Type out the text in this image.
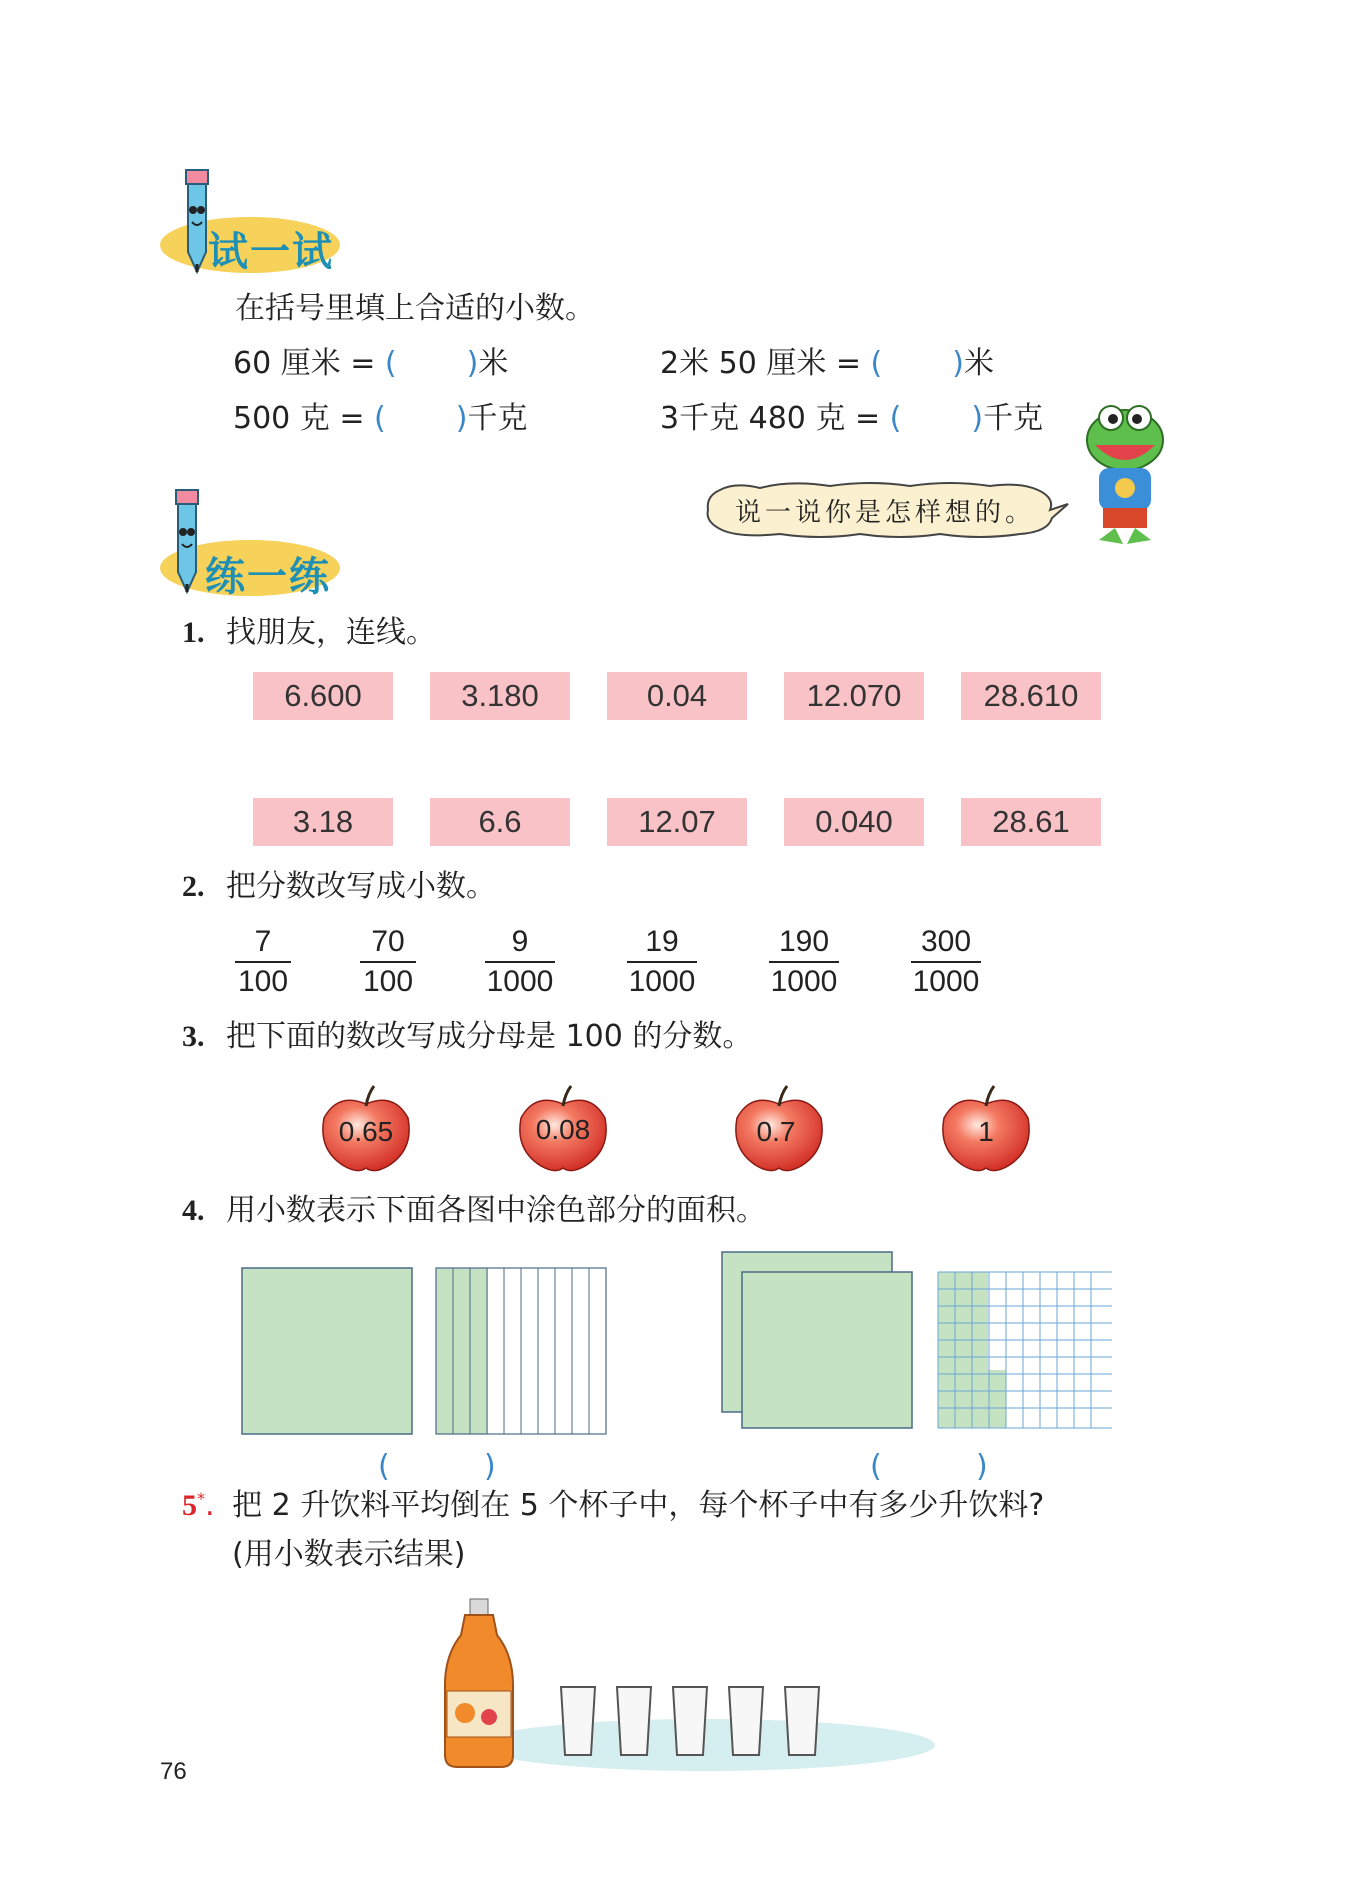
试一试
在括号里填上合适的小数。
60 厘米 = ( )米	2米 50 厘米 = ( )米
500 克 = ( )千克	3千克 480 克 = ( )千克
说一说你是怎样想的。
练一练
1. 找朋友，连线。
6.600	3.180	0.04	12.070	28.610
3.18	6.6	12.07	0.040	28.61
2. 把分数改写成小数。
7
100
70
100
9
1000
19
1000
190
1000
300
1000
3. 把下面的数改写成分母是 100 的分数。
0.65	0.08	0.7	1
4. 用小数表示下面各图中涂色部分的面积。
(	)	(	)
5*. 把 2 升饮料平均倒在 5 个杯子中，每个杯子中有多少升饮料?
(用小数表示结果)
76
